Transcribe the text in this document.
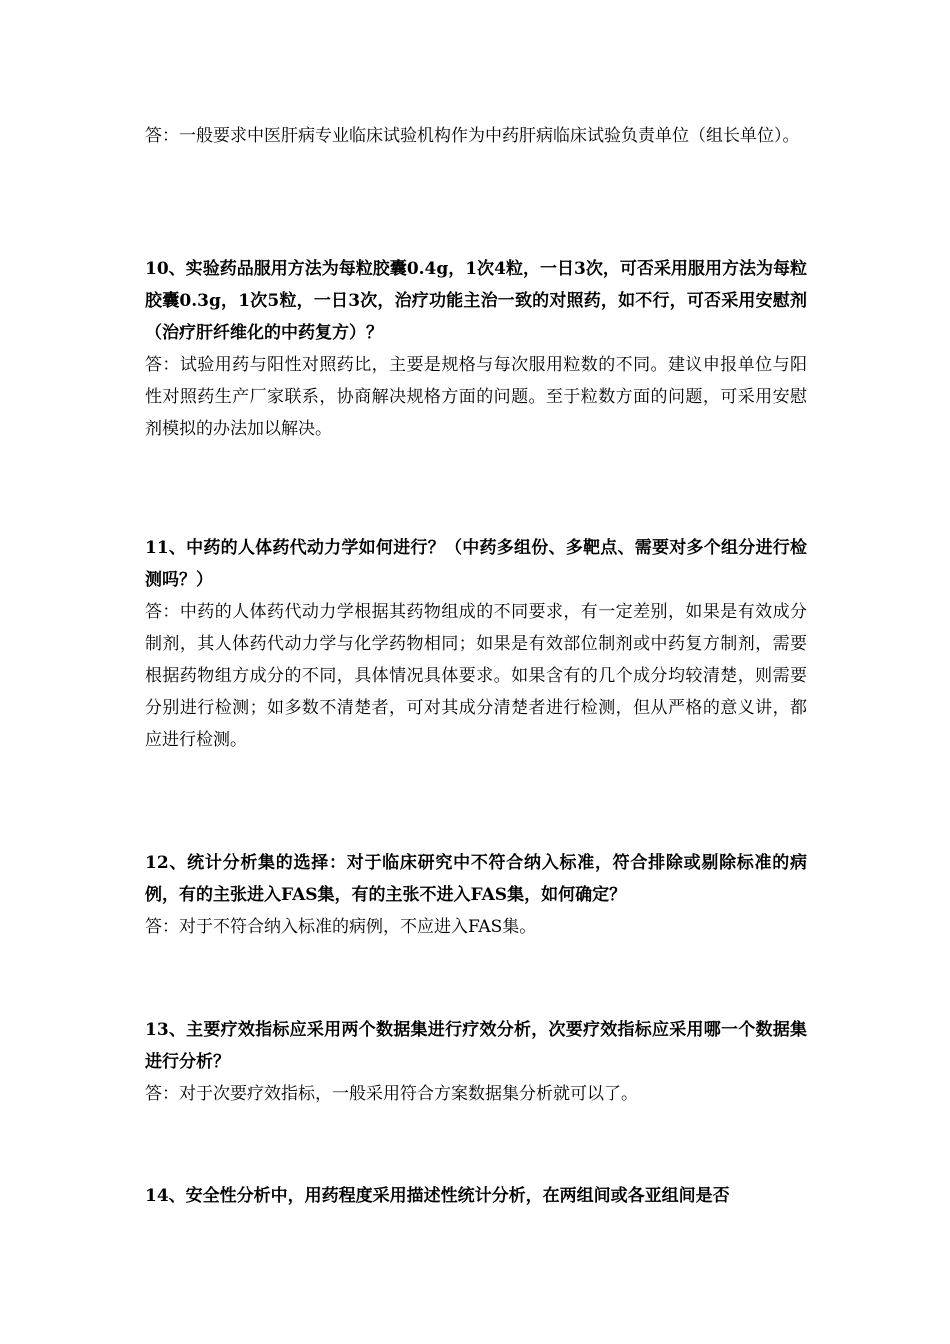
答：一般要求中医肝病专业临床试验机构作为中药肝病临床试验负责单位（组长单位）。

10、实验药品服用方法为每粒胶囊0.4g，1次4粒，一日3次，可否采用服用方法为每粒胶囊0.3g，1次5粒，一日3次，治疗功能主治一致的对照药，如不行，可否采用安慰剂（治疗肝纤维化的中药复方）？

答：试验用药与阳性对照药比，主要是规格与每次服用粒数的不同。建议申报单位与阳性对照药生产厂家联系，协商解决规格方面的问题。至于粒数方面的问题，可采用安慰剂模拟的办法加以解决。

11、中药的人体药代动力学如何进行？（中药多组份、多靶点、需要对多个组分进行检测吗？）

答：中药的人体药代动力学根据其药物组成的不同要求，有一定差别，如果是有效成分制剂，其人体药代动力学与化学药物相同；如果是有效部位制剂或中药复方制剂，需要根据药物组方成分的不同，具体情况具体要求。如果含有的几个成分均较清楚，则需要分别进行检测；如多数不清楚者，可对其成分清楚者进行检测，但从严格的意义讲，都应进行检测。

12、统计分析集的选择：对于临床研究中不符合纳入标准，符合排除或剔除标准的病例，有的主张进入FAS集，有的主张不进入FAS集，如何确定？

答：对于不符合纳入标准的病例，不应进入FAS集。

13、主要疗效指标应采用两个数据集进行疗效分析，次要疗效指标应采用哪一个数据集进行分析？

答：对于次要疗效指标，一般采用符合方案数据集分析就可以了。

14、安全性分析中，用药程度采用描述性统计分析，在两组间或各亚组间是否
